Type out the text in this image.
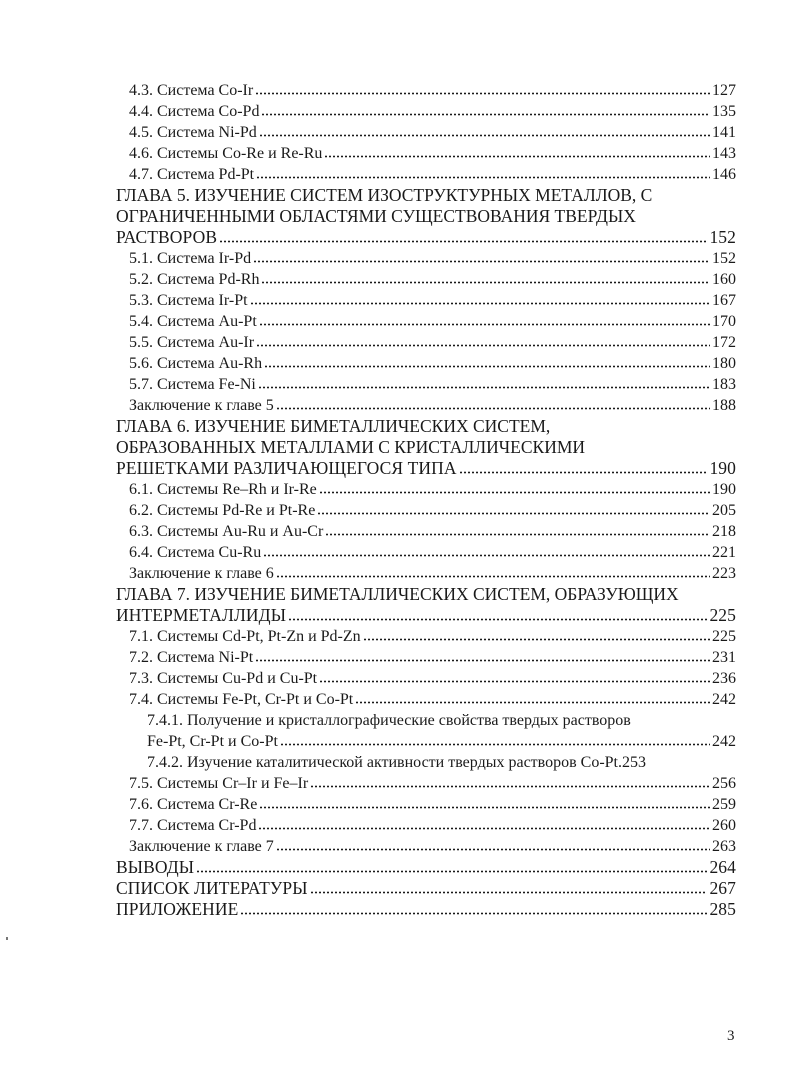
4.3. Система Co-Ir	127
4.4. Система Co-Pd	135
4.5. Система Ni-Pd	141
4.6. Системы Co-Re и Re-Ru	143
4.7. Система Pd-Pt	146
ГЛАВА 5. ИЗУЧЕНИЕ СИСТЕМ ИЗОСТРУКТУРНЫХ МЕТАЛЛОВ, С
ОГРАНИЧЕННЫМИ ОБЛАСТЯМИ СУЩЕСТВОВАНИЯ ТВЕРДЫХ
РАСТВОРОВ	152
5.1. Система Ir-Pd	152
5.2. Система Pd-Rh	160
5.3. Система Ir-Pt	167
5.4. Система Au-Pt	170
5.5. Система Au-Ir	172
5.6. Система Au-Rh	180
5.7. Система Fe-Ni	183
Заключение к главе 5	188
ГЛАВА 6. ИЗУЧЕНИЕ БИМЕТАЛЛИЧЕСКИХ СИСТЕМ,
ОБРАЗОВАННЫХ МЕТАЛЛАМИ С КРИСТАЛЛИЧЕСКИМИ
РЕШЕТКАМИ РАЗЛИЧАЮЩЕГОСЯ ТИПА	190
6.1. Системы Re–Rh и Ir-Re	190
6.2. Системы Pd-Re и Pt-Re	205
6.3. Системы Au-Ru и Au-Cr	218
6.4. Система Cu-Ru	221
Заключение к главе 6	223
ГЛАВА 7. ИЗУЧЕНИЕ БИМЕТАЛЛИЧЕСКИХ СИСТЕМ, ОБРАЗУЮЩИХ
ИНТЕРМЕТАЛЛИДЫ	225
7.1. Системы Cd-Pt, Pt-Zn и Pd-Zn	225
7.2. Система Ni-Pt	231
7.3. Системы Cu-Pd и Cu-Pt	236
7.4. Системы Fe-Pt, Cr-Pt и Co-Pt	242
7.4.1. Получение и кристаллографические свойства твердых растворов
Fe-Pt, Cr-Pt и Co-Pt	242
7.4.2. Изучение каталитической активности твердых растворов Co-Pt. 253
7.5. Системы Cr–Ir и Fe–Ir	256
7.6. Система Cr-Re	259
7.7. Система Cr-Pd	260
Заключение к главе 7	263
ВЫВОДЫ	264
СПИСОК ЛИТЕРАТУРЫ	267
ПРИЛОЖЕНИЕ	285
3
